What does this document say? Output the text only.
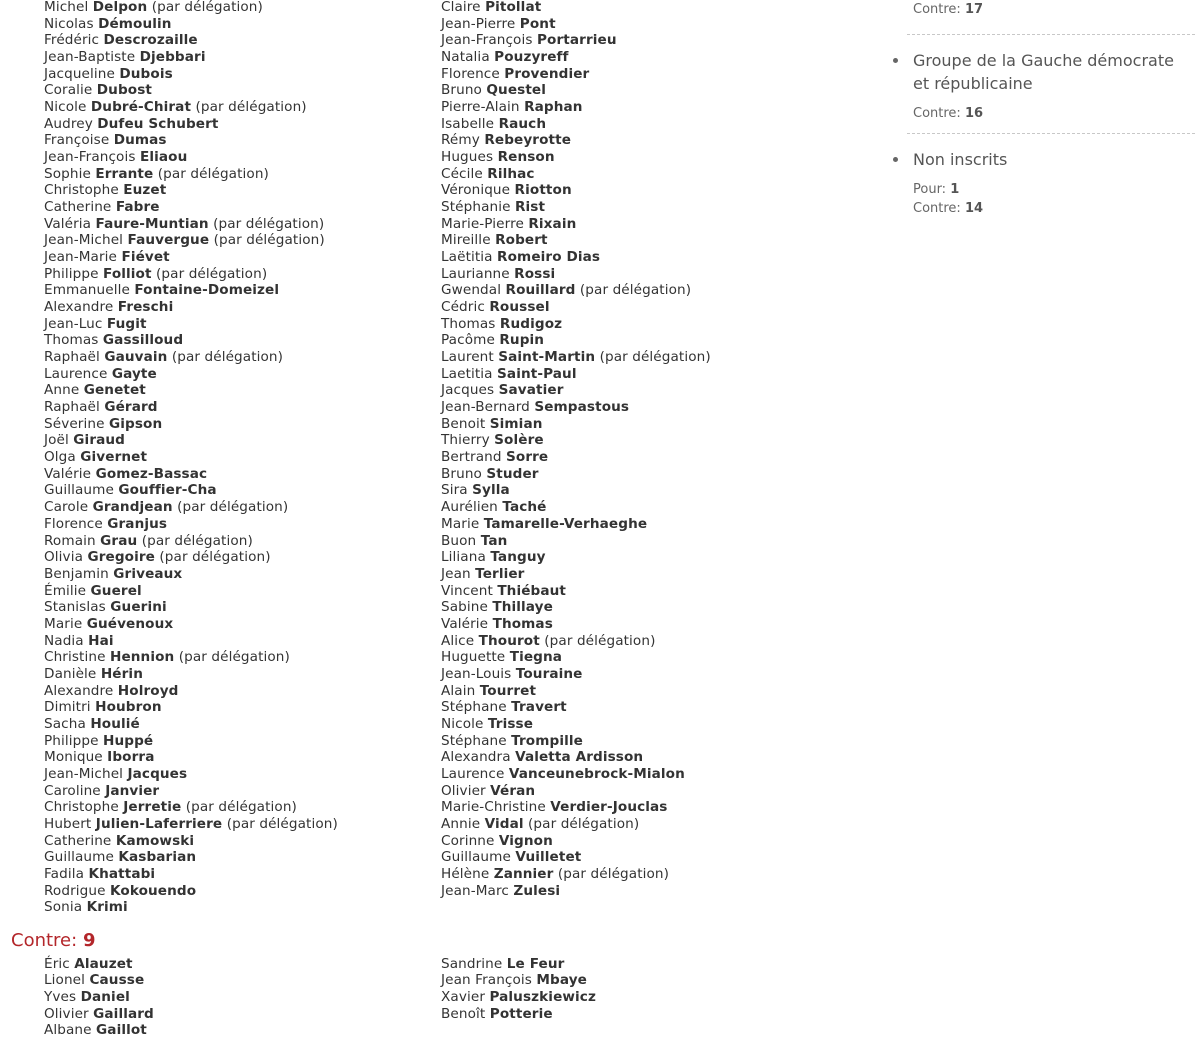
Michel Delpon (par délégation)
Nicolas Démoulin
Frédéric Descrozaille
Jean-Baptiste Djebbari
Jacqueline Dubois
Coralie Dubost
Nicole Dubré-Chirat (par délégation)
Audrey Dufeu Schubert
Françoise Dumas
Jean-François Eliaou
Sophie Errante (par délégation)
Christophe Euzet
Catherine Fabre
Valéria Faure-Muntian (par délégation)
Jean-Michel Fauvergue (par délégation)
Jean-Marie Fiévet
Philippe Folliot (par délégation)
Emmanuelle Fontaine-Domeizel
Alexandre Freschi
Jean-Luc Fugit
Thomas Gassilloud
Raphaël Gauvain (par délégation)
Laurence Gayte
Anne Genetet
Raphaël Gérard
Séverine Gipson
Joël Giraud
Olga Givernet
Valérie Gomez-Bassac
Guillaume Gouffier-Cha
Carole Grandjean (par délégation)
Florence Granjus
Romain Grau (par délégation)
Olivia Gregoire (par délégation)
Benjamin Griveaux
Émilie Guerel
Stanislas Guerini
Marie Guévenoux
Nadia Hai
Christine Hennion (par délégation)
Danièle Hérin
Alexandre Holroyd
Dimitri Houbron
Sacha Houlié
Philippe Huppé
Monique Iborra
Jean-Michel Jacques
Caroline Janvier
Christophe Jerretie (par délégation)
Hubert Julien-Laferriere (par délégation)
Catherine Kamowski
Guillaume Kasbarian
Fadila Khattabi
Rodrigue Kokouendo
Sonia Krimi
Claire Pitollat
Jean-Pierre Pont
Jean-François Portarrieu
Natalia Pouzyreff
Florence Provendier
Bruno Questel
Pierre-Alain Raphan
Isabelle Rauch
Rémy Rebeyrotte
Hugues Renson
Cécile Rilhac
Véronique Riotton
Stéphanie Rist
Marie-Pierre Rixain
Mireille Robert
Laëtitia Romeiro Dias
Laurianne Rossi
Gwendal Rouillard (par délégation)
Cédric Roussel
Thomas Rudigoz
Pacôme Rupin
Laurent Saint-Martin (par délégation)
Laetitia Saint-Paul
Jacques Savatier
Jean-Bernard Sempastous
Benoit Simian
Thierry Solère
Bertrand Sorre
Bruno Studer
Sira Sylla
Aurélien Taché
Marie Tamarelle-Verhaeghe
Buon Tan
Liliana Tanguy
Jean Terlier
Vincent Thiébaut
Sabine Thillaye
Valérie Thomas
Alice Thourot (par délégation)
Huguette Tiegna
Jean-Louis Touraine
Alain Tourret
Stéphane Travert
Nicole Trisse
Stéphane Trompille
Alexandra Valetta Ardisson
Laurence Vanceunebrock-Mialon
Olivier Véran
Marie-Christine Verdier-Jouclas
Annie Vidal (par délégation)
Corinne Vignon
Guillaume Vuilletet
Hélène Zannier (par délégation)
Jean-Marc Zulesi
Contre: 9
Éric Alauzet
Lionel Causse
Yves Daniel
Olivier Gaillard
Albane Gaillot
Sandrine Le Feur
Jean François Mbaye
Xavier Paluszkiewicz
Benoît Potterie
Contre: 17
Groupe de la Gauche démocrate et républicaine
Contre: 16
Non inscrits
Pour: 1
Contre: 14
